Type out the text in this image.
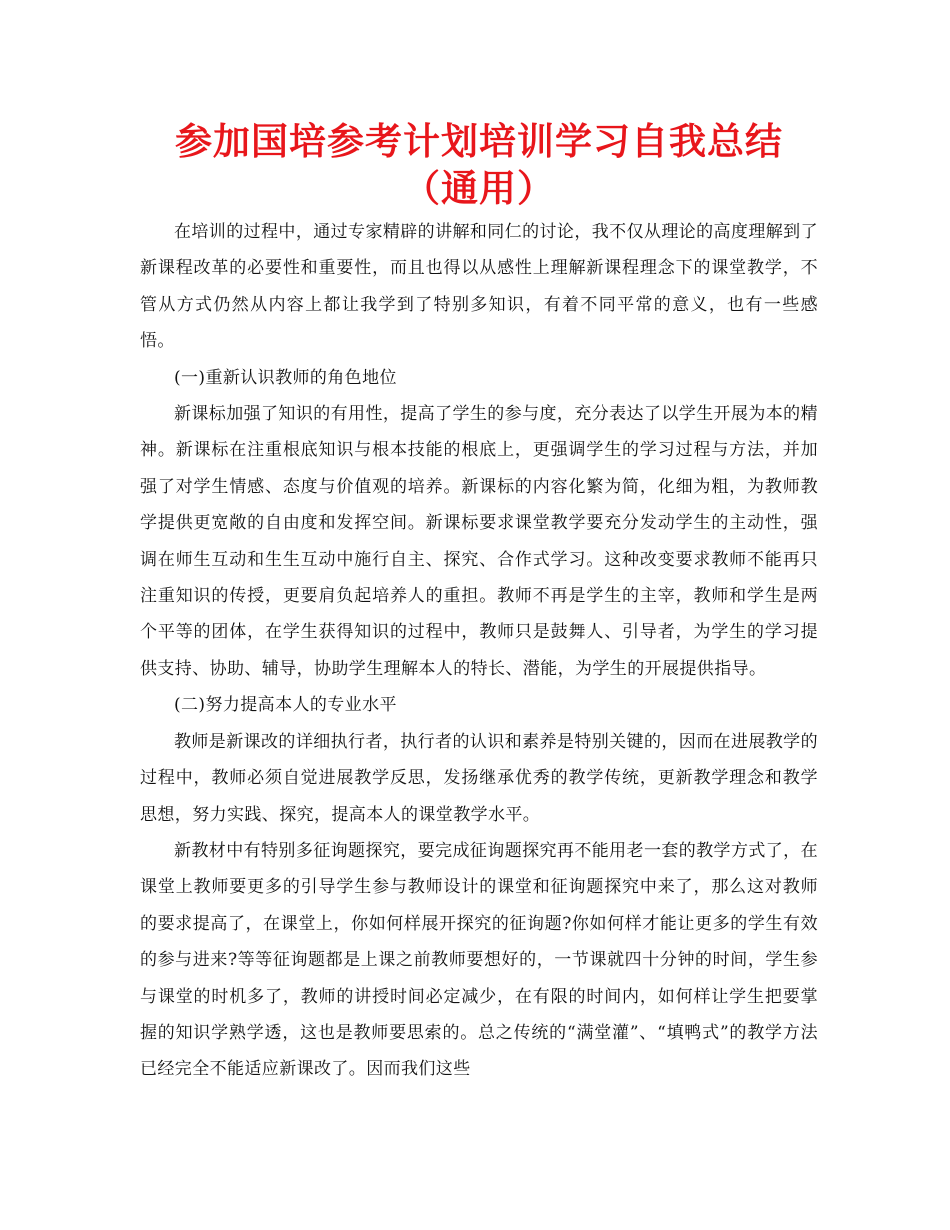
参加国培参考计划培训学习自我总结（通用）

在培训的过程中，通过专家精辟的讲解和同仁的讨论，我不仅从理论的高度理解到了新课程改革的必要性和重要性，而且也得以从感性上理解新课程理念下的课堂教学，不管从方式仍然从内容上都让我学到了特别多知识，有着不同平常的意义，也有一些感悟。

(一)重新认识教师的角色地位

新课标加强了知识的有用性，提高了学生的参与度，充分表达了以学生开展为本的精神。新课标在注重根底知识与根本技能的根底上，更强调学生的学习过程与方法，并加强了对学生情感、态度与价值观的培养。新课标的内容化繁为简，化细为粗，为教师教学提供更宽敞的自由度和发挥空间。新课标要求课堂教学要充分发动学生的主动性，强调在师生互动和生生互动中施行自主、探究、合作式学习。这种改变要求教师不能再只注重知识的传授，更要肩负起培养人的重担。教师不再是学生的主宰，教师和学生是两个平等的团体，在学生获得知识的过程中，教师只是鼓舞人、引导者，为学生的学习提供支持、协助、辅导，协助学生理解本人的特长、潜能，为学生的开展提供指导。

(二)努力提高本人的专业水平

教师是新课改的详细执行者，执行者的认识和素养是特别关键的，因而在进展教学的过程中，教师必须自觉进展教学反思，发扬继承优秀的教学传统，更新教学理念和教学思想，努力实践、探究，提高本人的课堂教学水平。

新教材中有特别多征询题探究，要完成征询题探究再不能用老一套的教学方式了，在课堂上教师要更多的引导学生参与教师设计的课堂和征询题探究中来了，那么这对教师的要求提高了，在课堂上，你如何样展开探究的征询题?你如何样才能让更多的学生有效的参与进来?等等征询题都是上课之前教师要想好的，一节课就四十分钟的时间，学生参与课堂的时机多了，教师的讲授时间必定减少，在有限的时间内，如何样让学生把要掌握的知识学熟学透，这也是教师要思索的。总之传统的“满堂灌”、“填鸭式”的教学方法已经完全不能适应新课改了。因而我们这些
